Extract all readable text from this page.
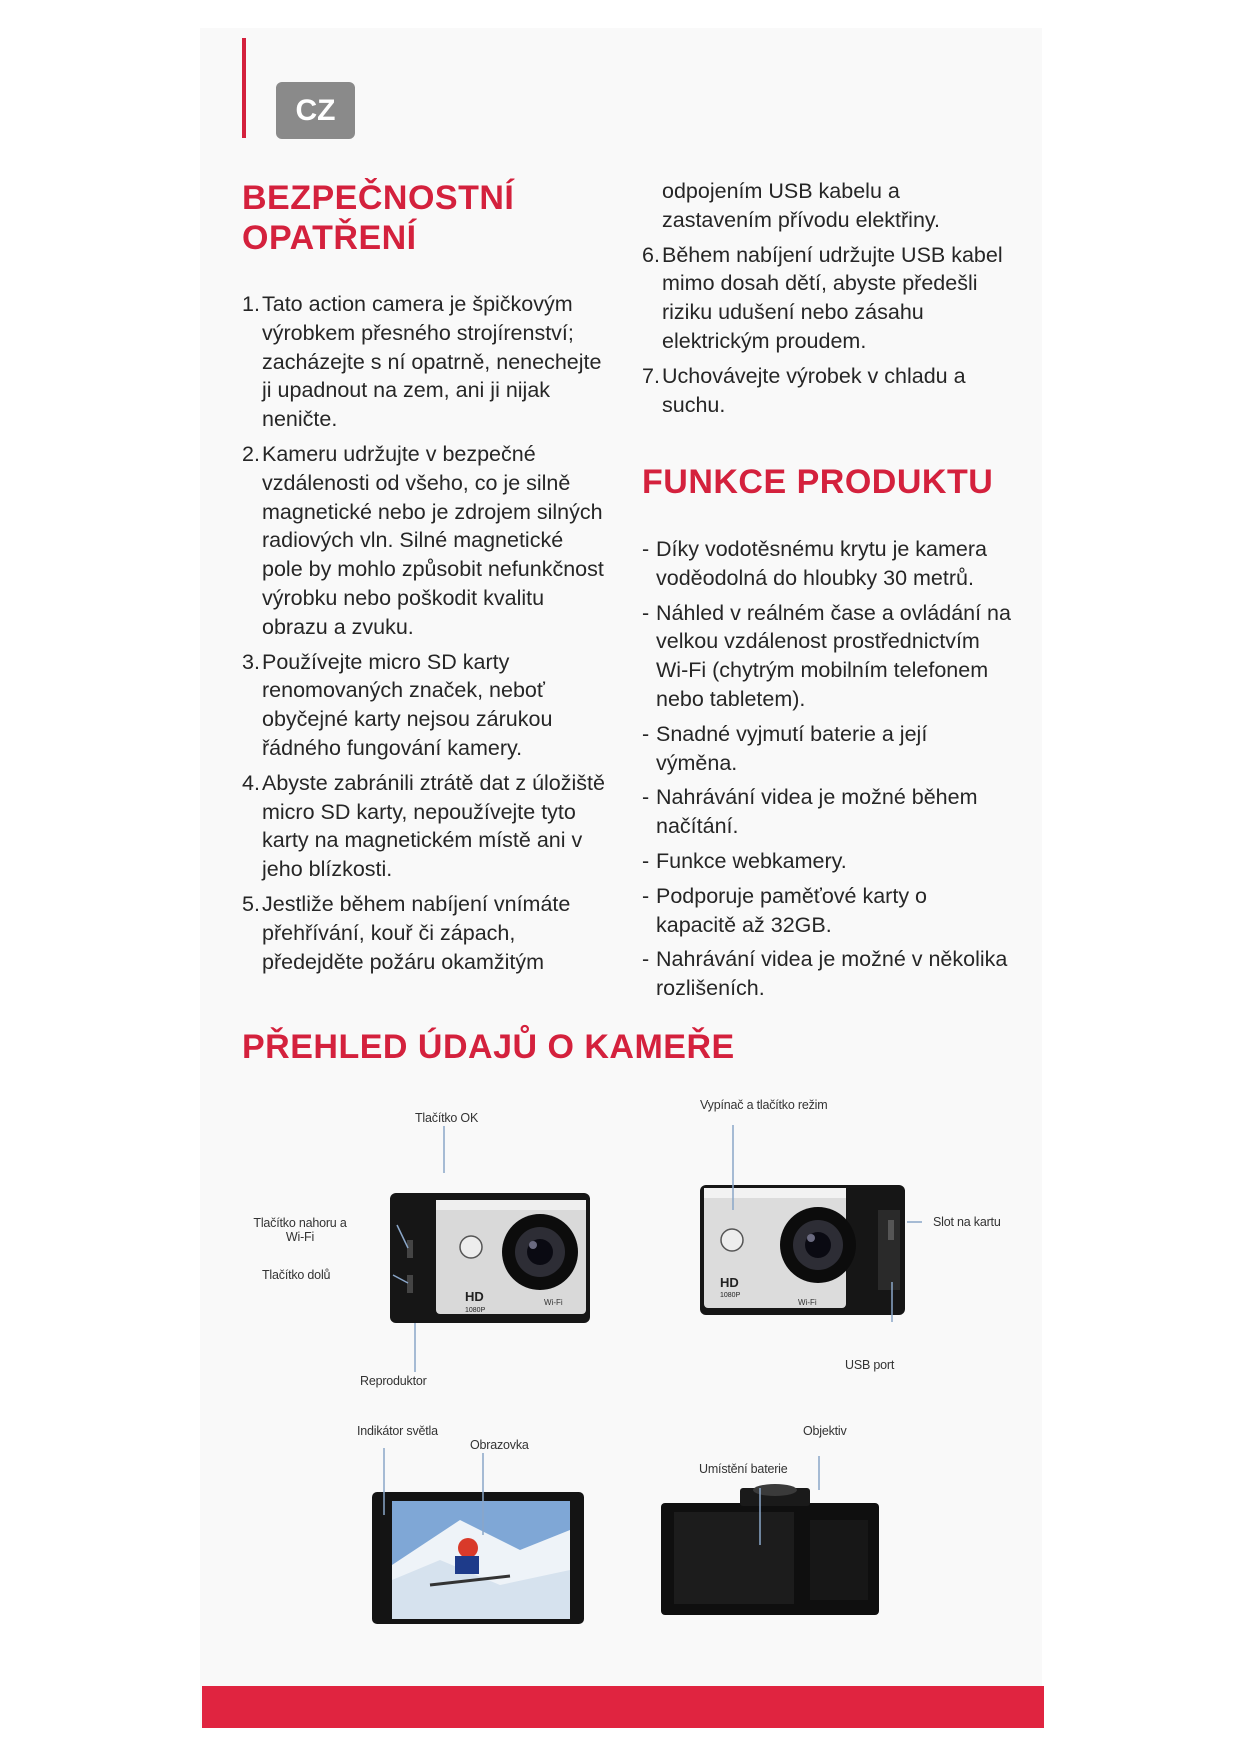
CZ
BEZPEČNOSTNÍ
OPATŘENÍ
1. Tato action camera je špičkovým výrobkem přesného strojírenství; zacházejte s ní opatrně, nenechejte ji upadnout na zem, ani ji nijak neničte.
2. Kameru udržujte v bezpečné vzdálenosti od všeho, co je silně magnetické nebo je zdrojem silných radiových vln. Silné magnetické pole by mohlo způsobit nefunkčnost výrobku nebo poškodit kvalitu obrazu a zvuku.
3. Používejte micro SD karty renomovaných značek, neboť obyčejné karty nejsou zárukou řádného fungování kamery.
4. Abyste zabránili ztrátě dat z úložiště micro SD karty, nepoužívejte tyto karty na magnetickém místě ani v jeho blízkosti.
5. Jestliže během nabíjení vnímáte přehřívání, kouř či zápach, předejděte požáru okamžitým
odpojením USB kabelu a zastavením přívodu elektřiny.
6. Během nabíjení udržujte USB kabel mimo dosah dětí, abyste předešli riziku udušení nebo zásahu elektrickým proudem.
7. Uchovávejte výrobek v chladu a suchu.
FUNKCE PRODUKTU
- Díky vodotěsnému krytu je kamera voděodolná do hloubky 30 metrů.
- Náhled v reálném čase a ovládání na velkou vzdálenost prostřednictvím Wi-Fi (chytrým mobilním telefonem nebo tabletem).
- Snadné vyjmutí baterie a její výměna.
- Nahrávání videa je možné během načítání.
- Funkce webkamery.
- Podporuje paměťové karty o kapacitě až 32GB.
- Nahrávání videa je možné v několika rozlišeních.
PŘEHLED ÚDAJŮ O KAMEŘE
HD
1080P
Wi-Fi
HD
1080P
Wi-Fi
Tlačítko OK
Tlačítko nahoru a Wi-Fi
Tlačítko dolů
Reproduktor
Vypínač a tlačítko režim
Slot na kartu
USB port
Indikátor světla
Obrazovka
Objektiv
Umístění baterie
